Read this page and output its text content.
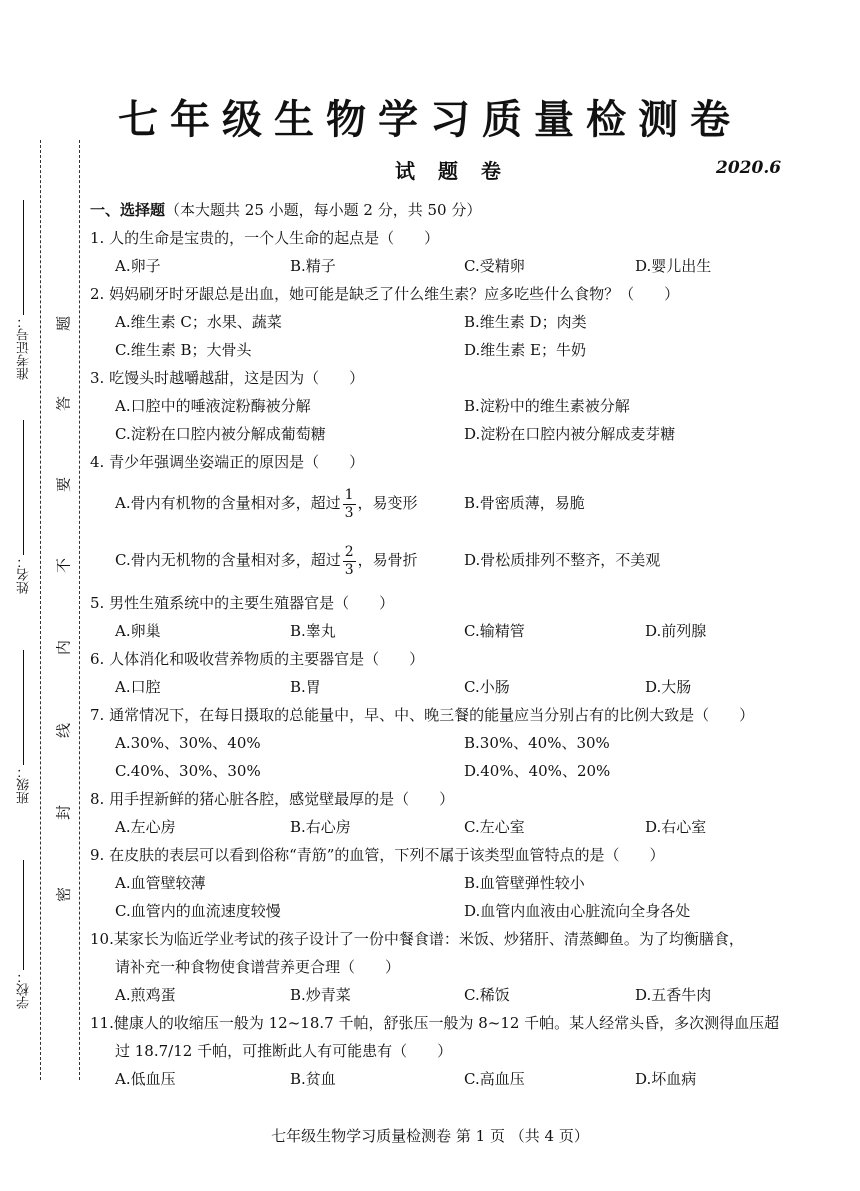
七年级生物学习质量检测卷
试 题 卷	2020.6
准考证号：
姓名：
班级：
学校：
题
答
要
不
内
线
封
密
一、选择题（本大题共 25 小题，每小题 2 分，共 50 分）
1. 人的生命是宝贵的，一个人生命的起点是（　　）
A.卵子	B.精子	C.受精卵	D.婴儿出生
2. 妈妈刷牙时牙龈总是出血，她可能是缺乏了什么维生素？应多吃些什么食物？（　　）
A.维生素 C；水果、蔬菜	B.维生素 D；肉类
C.维生素 B；大骨头	D.维生素 E；牛奶
3. 吃馒头时越嚼越甜，这是因为（　　）
A.口腔中的唾液淀粉酶被分解	B.淀粉中的维生素被分解
C.淀粉在口腔内被分解成葡萄糖	D.淀粉在口腔内被分解成麦芽糖
4. 青少年强调坐姿端正的原因是（　　）
A.骨内有机物的含量相对多，超过 $\frac{1}{3}$ ，易变形	B.骨密质薄，易脆
C.骨内无机物的含量相对多，超过 $\frac{2}{3}$ ，易骨折	D.骨松质排列不整齐，不美观
5. 男性生殖系统中的主要生殖器官是（　　）
A.卵巢	B.睾丸	C.输精管	D.前列腺
6. 人体消化和吸收营养物质的主要器官是（　　）
A.口腔	B.胃	C.小肠	D.大肠
7. 通常情况下，在每日摄取的总能量中，早、中、晚三餐的能量应当分别占有的比例大致是（　　）
A.30%、30%、40%	B.30%、40%、30%
C.40%、30%、30%	D.40%、40%、20%
8. 用手捏新鲜的猪心脏各腔，感觉壁最厚的是（　　）
A.左心房	B.右心房	C.左心室	D.右心室
9. 在皮肤的表层可以看到俗称“青筋”的血管，下列不属于该类型血管特点的是（　　）
A.血管壁较薄	B.血管壁弹性较小
C.血管内的血流速度较慢	D.血管内血液由心脏流向全身各处
10.某家长为临近学业考试的孩子设计了一份中餐食谱：米饭、炒猪肝、清蒸鲫鱼。为了均衡膳食，
请补充一种食物使食谱营养更合理（　　）
A.煎鸡蛋	B.炒青菜	C.稀饭	D.五香牛肉
11.健康人的收缩压一般为 12~18.7 千帕，舒张压一般为 8~12 千帕。某人经常头昏，多次测得血压超
过 18.7/12 千帕，可推断此人有可能患有（　　）
A.低血压	B.贫血	C.高血压	D.坏血病
七年级生物学习质量检测卷 第 1 页 （共 4 页）
